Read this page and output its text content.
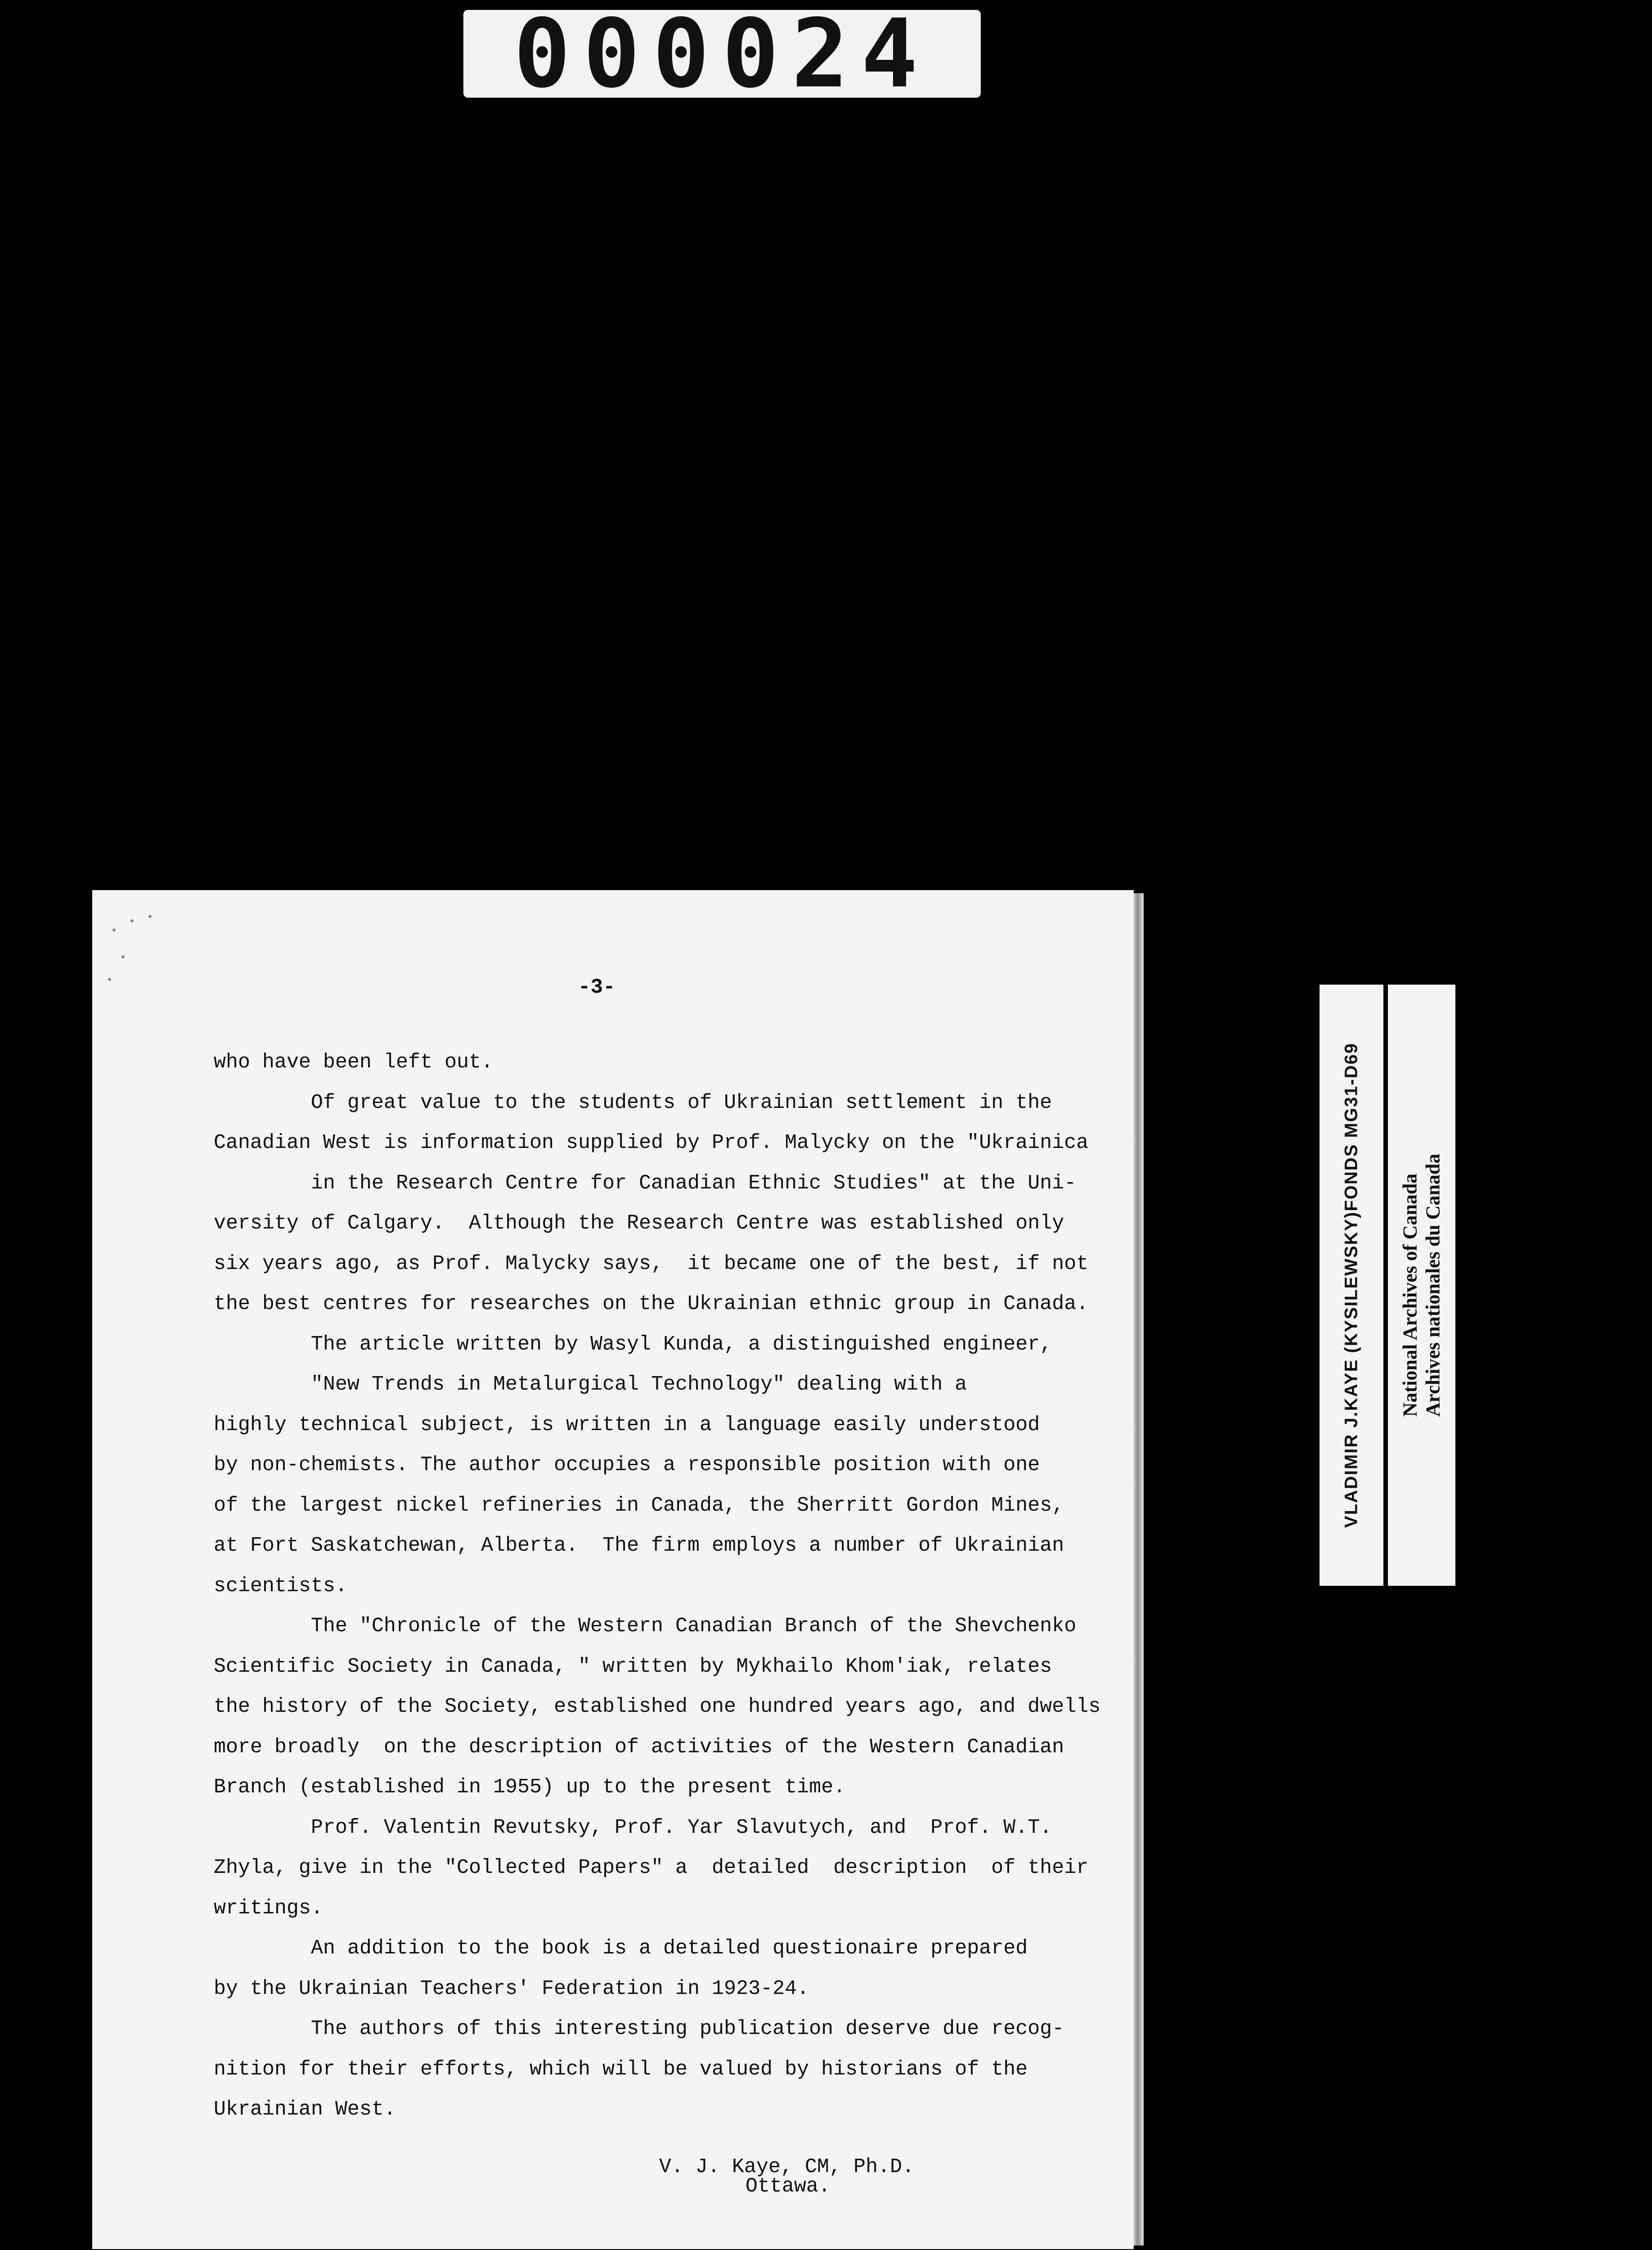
000024
-3-
who have been left out.
Of great value to the students of Ukrainian settlement in the
Canadian West is information supplied by Prof. Malycky on the "Ukrainica
in the Research Centre for Canadian Ethnic Studies" at the Uni-
versity of Calgary.  Although the Research Centre was established only
six years ago, as Prof. Malycky says,  it became one of the best, if not
the best centres for researches on the Ukrainian ethnic group in Canada.
The article written by Wasyl Kunda, a distinguished engineer,
"New Trends in Metalurgical Technology" dealing with a
highly technical subject, is written in a language easily understood
by non-chemists. The author occupies a responsible position with one
of the largest nickel refineries in Canada, the Sherritt Gordon Mines,
at Fort Saskatchewan, Alberta.  The firm employs a number of Ukrainian
scientists.
The "Chronicle of the Western Canadian Branch of the Shevchenko
Scientific Society in Canada, " written by Mykhailo Khom'iak, relates
the history of the Society, established one hundred years ago, and dwells
more broadly  on the description of activities of the Western Canadian
Branch (established in 1955) up to the present time.
Prof. Valentin Revutsky, Prof. Yar Slavutych, and  Prof. W.T.
Zhyla, give in the "Collected Papers" a  detailed  description  of their
writings.
An addition to the book is a detailed questionaire prepared
by the Ukrainian Teachers' Federation in 1923-24.
The authors of this interesting publication deserve due recog-
nition for their efforts, which will be valued by historians of the
Ukrainian West.
V. J. Kaye, CM, Ph.D.
Ottawa.
VLADIMIR J.KAYE (KYSILEWSKY)FONDS MG31-D69 National Archives of Canada Archives nationales du Canada
